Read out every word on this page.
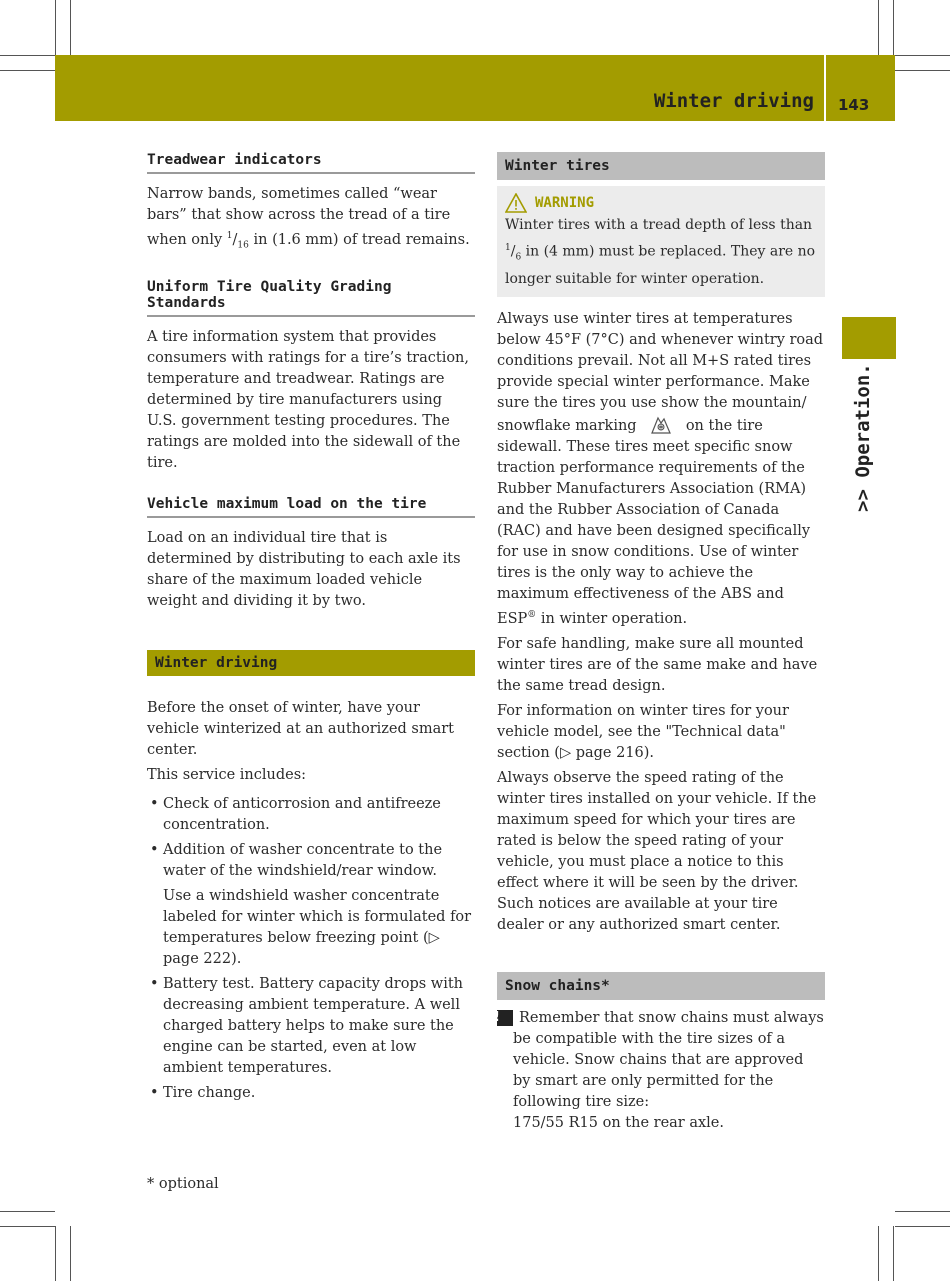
Winter driving 143
>> Operation.
Treadwear indicators

Narrow bands, sometimes called “wear bars” that show across the tread of a tire when only $^1/_{16}$ in (1.6 mm) of tread remains.

Uniform Tire Quality Grading Standards

A tire information system that provides consumers with ratings for a tire’s traction, temperature and treadwear. Ratings are determined by tire manufacturers using U.S. government testing procedures. The ratings are molded into the sidewall of the tire.

Vehicle maximum load on the tire

Load on an individual tire that is determined by distributing to each axle its share of the maximum loaded vehicle weight and dividing it by two.

Winter driving

Before the onset of winter, have your vehicle winterized at an authorized smart center.

This service includes:

• Check of anticorrosion and antifreeze concentration.
• Addition of washer concentrate to the water of the windshield/rear window.
Use a windshield washer concentrate labeled for winter which is formulated for temperatures below freezing point (▷ page 222).
• Battery test. Battery capacity drops with decreasing ambient temperature. A well charged battery helps to make sure the engine can be started, even at low ambient temperatures.
• Tire change.
Winter tires
WARNING
Winter tires with a tread depth of less than $^1/_6$ in (4 mm) must be replaced. They are no longer suitable for winter operation.

Always use winter tires at temperatures below 45°F (7°C) and whenever wintry road conditions prevail. Not all M+S rated tires provide special winter performance. Make sure the tires you use show the mountain/ snowflake marking	on the tire sidewall. These tires meet specific snow traction performance requirements of the Rubber Manufacturers Association (RMA) and the Rubber Association of Canada (RAC) and have been designed specifically for use in snow conditions. Use of winter tires is the only way to achieve the maximum effectiveness of the ABS and ESP® in winter operation.

For safe handling, make sure all mounted winter tires are of the same make and have the same tread design.

For information on winter tires for your vehicle model, see the "Technical data" section (▷ page 216).

Always observe the speed rating of the winter tires installed on your vehicle. If the maximum speed for which your tires are rated is below the speed rating of your vehicle, you must place a notice to this effect where it will be seen by the driver. Such notices are available at your tire dealer or any authorized smart center.

Snow chains*

! Remember that snow chains must always be compatible with the tire sizes of a vehicle. Snow chains that are approved by smart are only permitted for the following tire size:

175/55 R15 on the rear axle.

* optional
